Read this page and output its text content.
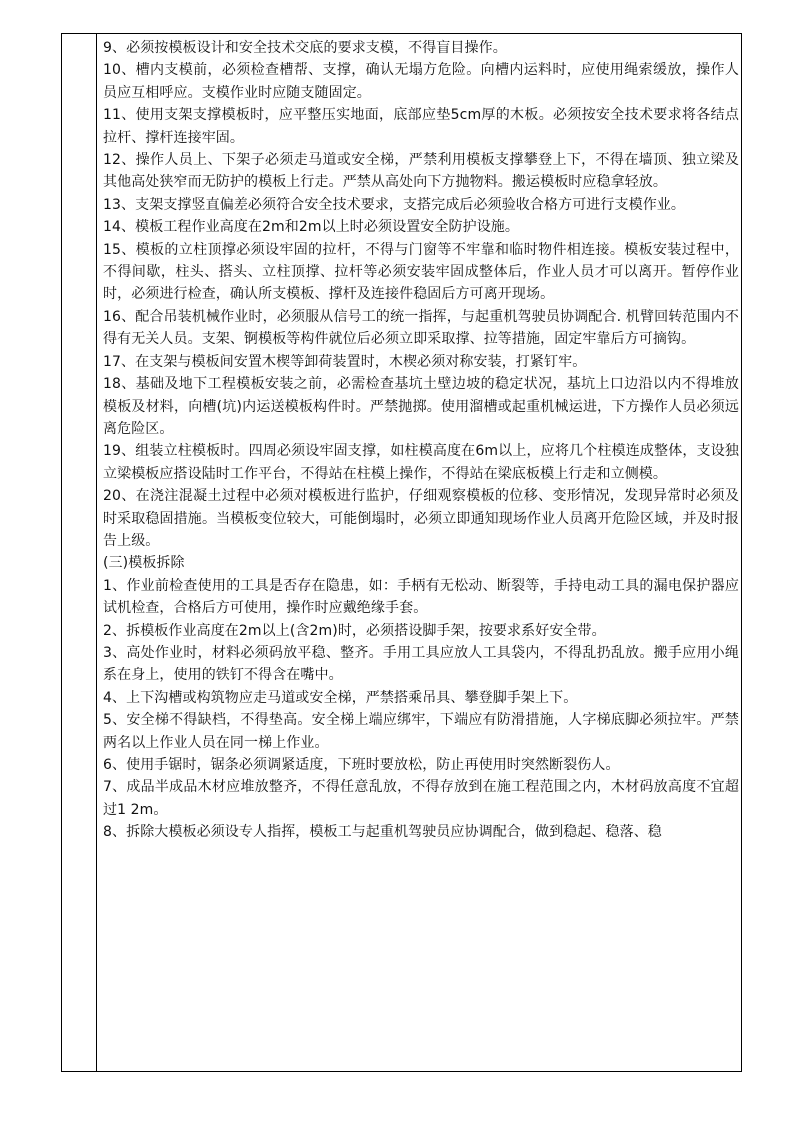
9、必须按模板设计和安全技术交底的要求支模，不得盲目操作。

10、槽内支模前，必须检查槽帮、支撑，确认无塌方危险。向槽内运料时，应使用绳索缓放，操作人员应互相呼应。支模作业时应随支随固定。

11、使用支架支撑模板时，应平整压实地面，底部应垫5cm厚的木板。必须按安全技术要求将各结点拉杆、撑杆连接牢固。

12、操作人员上、下架子必须走马道或安全梯，严禁利用模板支撑攀登上下，不得在墙顶、独立梁及其他高处狭窄而无防护的模板上行走。严禁从高处向下方抛物料。搬运模板时应稳拿轻放。

13、支架支撑竖直偏差必须符合安全技术要求，支搭完成后必须验收合格方可进行支模作业。

14、模板工程作业高度在2m和2m以上时必须设置安全防护设施。

15、模板的立柱顶撑必须设牢固的拉杆，不得与门窗等不牢靠和临时物件相连接。模板安装过程中，不得间歇，柱头、搭头、立柱顶撑、拉杆等必须安装牢固成整体后，作业人员才可以离开。暂停作业时，必须进行检查，确认所支模板、撑杆及连接件稳固后方可离开现场。

16、配合吊装机械作业时，必须服从信号工的统一指挥，与起重机驾驶员协调配合. 机臂回转范围内不得有无关人员。支架、锕模板等构件就位后必须立即采取撑、拉等措施，固定牢靠后方可摘钩。

17、在支架与模板间安置木楔等卸荷装置时，木楔必须对称安装，打紧钉牢。

18、基础及地下工程模板安装之前，必需检查基坑土壁边坡的稳定状况，基坑上口边沿以内不得堆放模板及材料，向槽(坑)内运送模板构件时。严禁抛掷。使用溜槽或起重机械运进，下方操作人员必须远离危险区。

19、组装立柱模板时。四周必须设牢固支撑，如柱模高度在6m以上，应将几个柱模连成整体，支设独立梁模板应搭设陆时工作平台，不得站在柱模上操作，不得站在梁底板模上行走和立侧模。

20、在浇注混凝土过程中必须对模板进行监护，仔细观察模板的位移、变形情况，发现异常时必须及时采取稳固措施。当模板变位较大，可能倒塌时，必须立即通知现场作业人员离开危险区域，并及时报告上级。

(三)模板拆除

1、作业前检查使用的工具是否存在隐患，如：手柄有无松动、断裂等，手持电动工具的漏电保护器应试机检查，合格后方可使用，操作时应戴绝缘手套。

2、拆模板作业高度在2m以上(含2m)时，必须搭设脚手架，按要求系好安全带。

3、高处作业时，材料必须码放平稳、整齐。手用工具应放人工具袋内，不得乱扔乱放。搬手应用小绳系在身上，使用的铁钉不得含在嘴中。

4、上下沟槽或构筑物应走马道或安全梯，严禁搭乘吊具、攀登脚手架上下。

5、安全梯不得缺档，不得垫高。安全梯上端应绑牢，下端应有防滑措施，人字梯底脚必须拉牢。严禁两名以上作业人员在同一梯上作业。

6、使用手锯时，锯条必须调紧适度，下班时要放松，防止再使用时突然断裂伤人。

7、成品半成品木材应堆放整齐，不得任意乱放，不得存放到在施工程范围之内，木材码放高度不宜超过1 2m。

8、拆除大模板必须设专人指挥，模板工与起重机驾驶员应协调配合，做到稳起、稳落、稳
